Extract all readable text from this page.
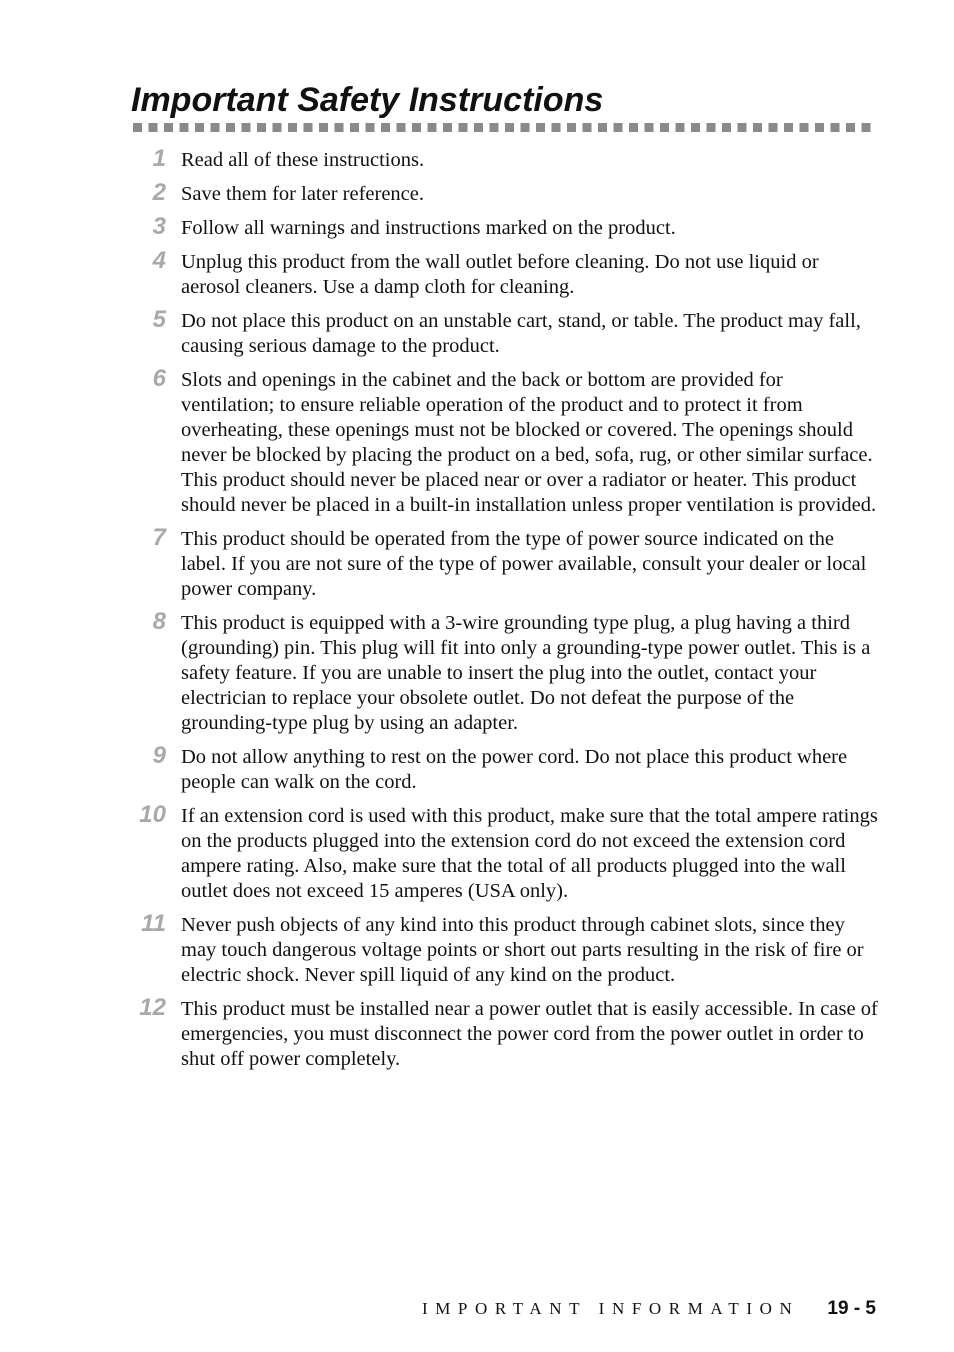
Important Safety Instructions
1 Read all of these instructions.
2 Save them for later reference.
3 Follow all warnings and instructions marked on the product.
4 Unplug this product from the wall outlet before cleaning. Do not use liquid or aerosol cleaners. Use a damp cloth for cleaning.
5 Do not place this product on an unstable cart, stand, or table. The product may fall, causing serious damage to the product.
6 Slots and openings in the cabinet and the back or bottom are provided for ventilation; to ensure reliable operation of the product and to protect it from overheating, these openings must not be blocked or covered. The openings should never be blocked by placing the product on a bed, sofa, rug, or other similar surface. This product should never be placed near or over a radiator or heater. This product should never be placed in a built-in installation unless proper ventilation is provided.
7 This product should be operated from the type of power source indicated on the label. If you are not sure of the type of power available, consult your dealer or local power company.
8 This product is equipped with a 3-wire grounding type plug, a plug having a third (grounding) pin. This plug will fit into only a grounding-type power outlet. This is a safety feature. If you are unable to insert the plug into the outlet, contact your electrician to replace your obsolete outlet. Do not defeat the purpose of the grounding-type plug by using an adapter.
9 Do not allow anything to rest on the power cord. Do not place this product where people can walk on the cord.
10 If an extension cord is used with this product, make sure that the total ampere ratings on the products plugged into the extension cord do not exceed the extension cord ampere rating. Also, make sure that the total of all products plugged into the wall outlet does not exceed 15 amperes (USA only).
11 Never push objects of any kind into this product through cabinet slots, since they may touch dangerous voltage points or short out parts resulting in the risk of fire or electric shock. Never spill liquid of any kind on the product.
12 This product must be installed near a power outlet that is easily accessible. In case of emergencies, you must disconnect the power cord from the power outlet in order to shut off power completely.
IMPORTANT INFORMATION 19 - 5
